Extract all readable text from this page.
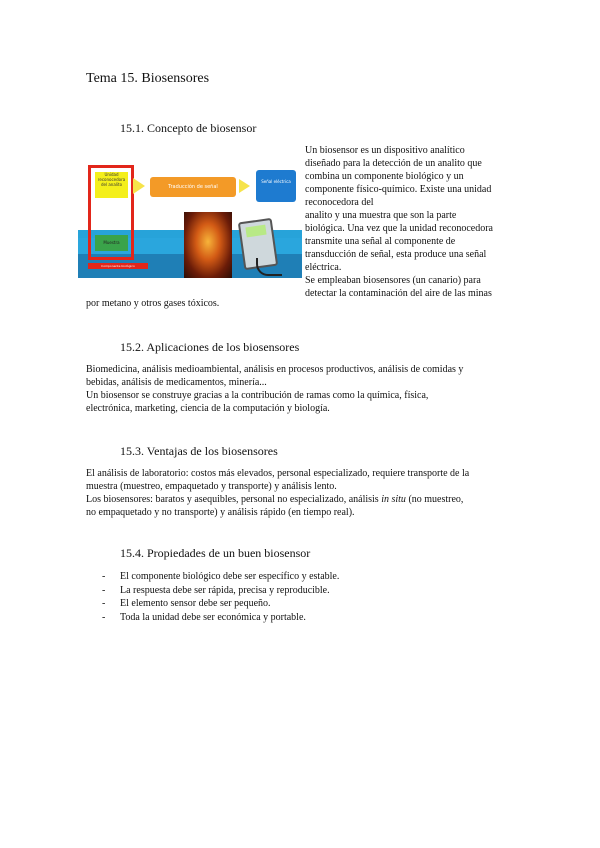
Tema 15. Biosensores
15.1. Concepto de biosensor
Unidad reconocedora del analito
Muestra
Traducción de señal
Señal eléctrica
Componente biológico
Un biosensor es un dispositivo analítico
diseñado para la detección de un analito que
combina un componente biológico y un
componente físico-químico. Existe una unidad
reconocedora del
analito y una muestra que son la parte
biológica. Una vez que la unidad reconocedora
transmite una señal al componente de
transducción de señal, esta produce una señal
eléctrica.
Se empleaban biosensores (un canario) para
detectar la contaminación del aire de las minas
por metano y otros gases tóxicos.
15.2. Aplicaciones de los biosensores
Biomedicina, análisis medioambiental, análisis en procesos productivos, análisis de comidas y
bebidas, análisis de medicamentos, minería...
Un biosensor se construye gracias a la contribución de ramas como la química, física,
electrónica, marketing, ciencia de la computación y biología.
15.3. Ventajas de los biosensores
El análisis de laboratorio: costos más elevados, personal especializado, requiere transporte de la
muestra (muestreo, empaquetado y transporte) y análisis lento.
Los biosensores: baratos y asequibles, personal no especializado, análisis in situ (no muestreo,
no empaquetado y no transporte) y análisis rápido (en tiempo real).
15.4. Propiedades de un buen biosensor
- El componente biológico debe ser específico y estable.
- La respuesta debe ser rápida, precisa y reproducible.
- El elemento sensor debe ser pequeño.
- Toda la unidad debe ser económica y portable.
